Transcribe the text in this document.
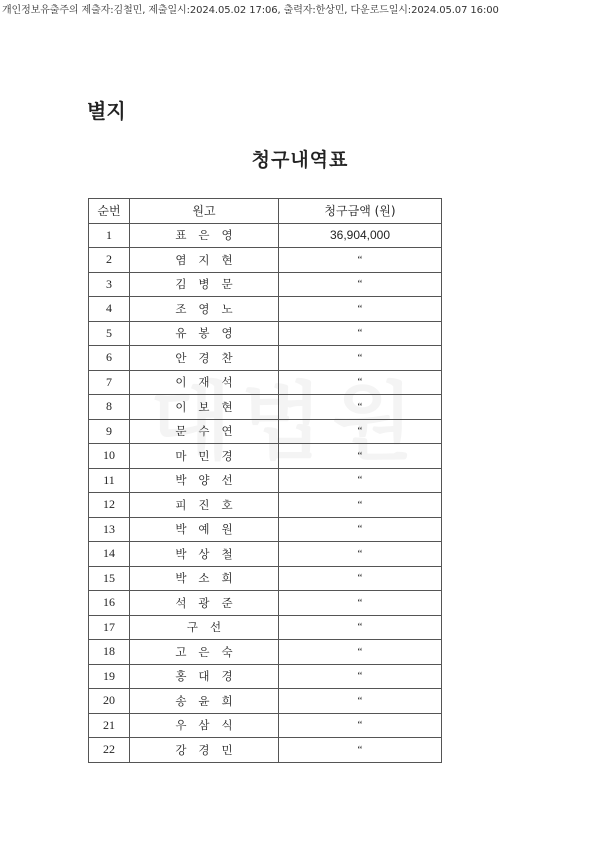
개인정보유출주의 제출자:김철민, 제출일시:2024.05.02 17:06, 출력자:한상민, 다운로드일시:2024.05.07 16:00
별지
청구내역표
순번	원고	청구금액 (원)
1	표은영	36,904,000
2	염지현	“
3	김병문	“
4	조영노	“
5	유봉영	“
6	안경찬	“
7	이재석	“
8	이보현	“
9	문수연	“
10	마민경	“
11	박양선	“
12	피진호	“
13	박예원	“
14	박상철	“
15	박소희	“
16	석광준	“
17	구선	“
18	고은숙	“
19	홍대경	“
20	송윤희	“
21	우삼식	“
22	강경민	“
